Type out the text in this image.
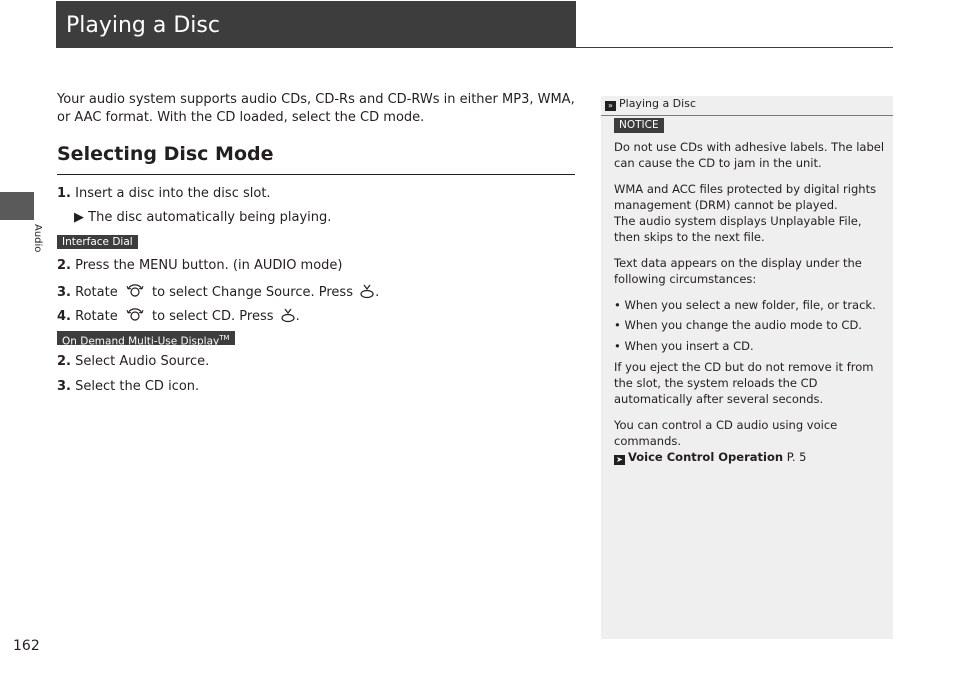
Playing a Disc
Audio
Your audio system supports audio CDs, CD-Rs and CD-RWs in either MP3, WMA, or AAC format. With the CD loaded, select the CD mode.
Selecting Disc Mode
1. Insert a disc into the disc slot.
▶ The disc automatically being playing.
Interface Dial
2. Press the MENU button. (in AUDIO mode)
3. Rotate	to select Change Source. Press .
4. Rotate	to select CD. Press .
On Demand Multi-Use Display™
2. Select Audio Source.
3. Select the CD icon.
» Playing a Disc
NOTICE
Do not use CDs with adhesive labels. The label can cause the CD to jam in the unit.
WMA and ACC files protected by digital rights management (DRM) cannot be played.
The audio system displays Unplayable File, then skips to the next file.
Text data appears on the display under the following circumstances:
• When you select a new folder, file, or track.
• When you change the audio mode to CD.
• When you insert a CD.
If you eject the CD but do not remove it from the slot, the system reloads the CD automatically after several seconds.
You can control a CD audio using voice commands.
➤ Voice Control Operation P. 5
162
